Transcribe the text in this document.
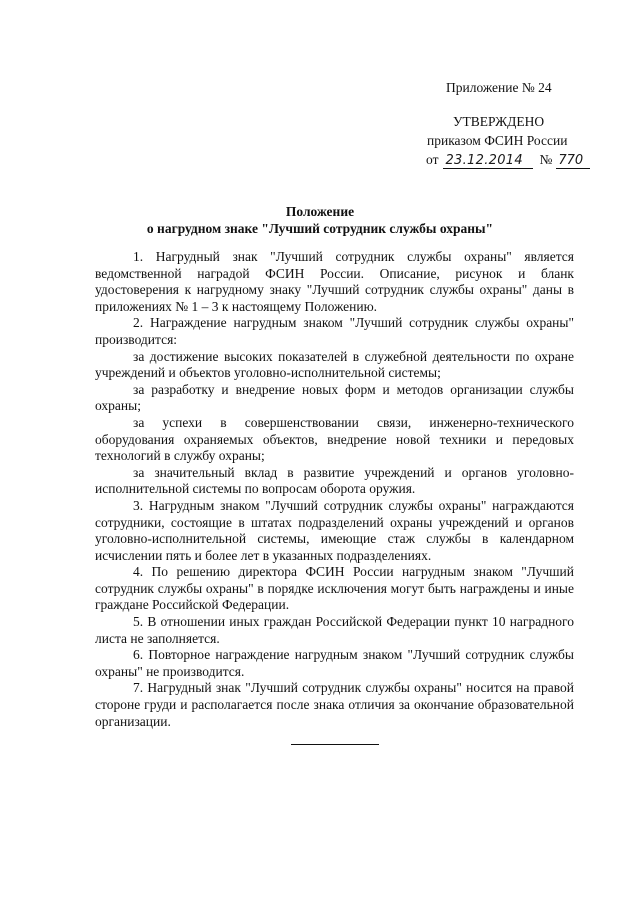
Приложение № 24
УТВЕРЖДЕНО
приказом ФСИН России
от 23.12.2014	№ 770
Положение
о нагрудном знаке "Лучший сотрудник службы охраны"

1. Нагрудный знак "Лучший сотрудник службы охраны" является ведомственной наградой ФСИН России. Описание, рисунок и бланк удостоверения к нагрудному знаку "Лучший сотрудник службы охраны" даны в приложениях № 1 – 3 к настоящему Положению.

2. Награждение нагрудным знаком "Лучший сотрудник службы охраны" производится:

за достижение высоких показателей в служебной деятельности по охране учреждений и объектов уголовно-исполнительной системы;

за разработку и внедрение новых форм и методов организации службы охраны;

за успехи в совершенствовании связи, инженерно-технического оборудования охраняемых объектов, внедрение новой техники и передовых технологий в службу охраны;

за значительный вклад в развитие учреждений и органов уголовно-исполнительной системы по вопросам оборота оружия.

3. Нагрудным знаком "Лучший сотрудник службы охраны" награждаются сотрудники, состоящие в штатах подразделений охраны учреждений и органов уголовно-исполнительной системы, имеющие стаж службы в календарном исчислении пять и более лет в указанных подразделениях.

4. По решению директора ФСИН России нагрудным знаком "Лучший сотрудник службы охраны" в порядке исключения могут быть награждены и иные граждане Российской Федерации.

5. В отношении иных граждан Российской Федерации пункт 10 наградного листа не заполняется.

6. Повторное награждение нагрудным знаком "Лучший сотрудник службы охраны" не производится.

7. Нагрудный знак "Лучший сотрудник службы охраны" носится на правой стороне груди и располагается после знака отличия за окончание образовательной организации.
